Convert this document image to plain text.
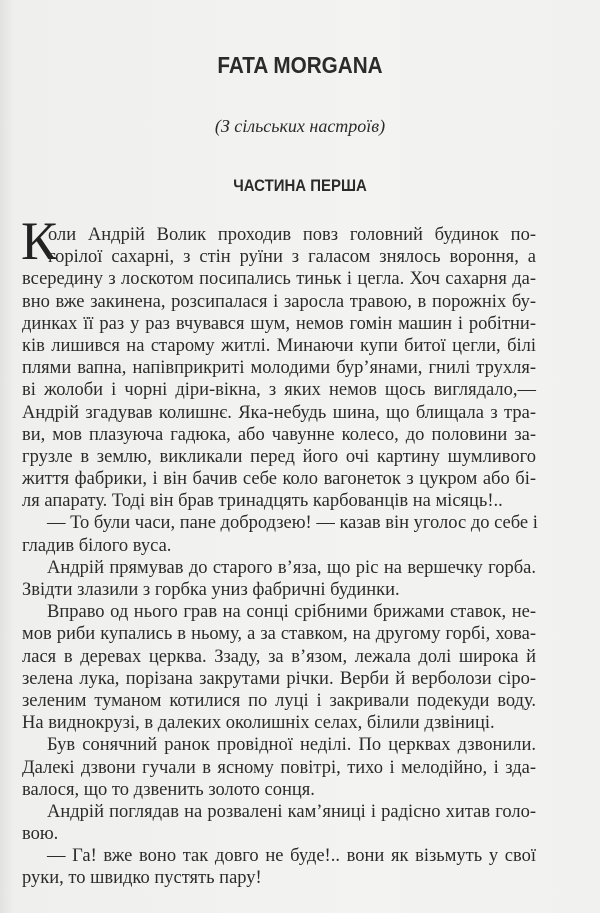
FATA MORGANA
(З сільських настроїв)
ЧАСТИНА ПЕРША
К
оли Андрій Волик проходив повз головний будинок по-
горілої сахарні, з стін руїни з галасом знялось вороння, а
всередину з лоскотом посипались тиньк і цегла. Хоч сахарня да-
вно вже закинена, розсипалася і заросла травою, в порожніх бу-
динках її раз у раз вчувався шум, немов гомін машин і робітни-
ків лишився на старому житлі. Минаючи купи битої цегли, білі
плями вапна, напівприкриті молодими бур’янами, гнилі трухля-
ві жолоби і чорні діри-вікна, з яких немов щось виглядало,—
Андрій згадував колишнє. Яка-небудь шина, що блищала з тра-
ви, мов плазуюча гадюка, або чавунне колесо, до половини за-
грузле в землю, викликали перед його очі картину шумливого
життя фабрики, і він бачив себе коло вагонеток з цукром або бі-
ля апарату. Тоді він брав тринадцять карбованців на місяць!..
— То були часи, пане добродзею! — казав він уголос до себе і
гладив білого вуса.
Андрій прямував до старого в’яза, що ріс на вершечку горба.
Звідти злазили з горбка униз фабричні будинки.
Вправо од нього грав на сонці срібними брижами ставок, не-
мов риби купались в ньому, а за ставком, на другому горбі, хова-
лася в деревах церква. Ззаду, за в’язом, лежала долі широка й
зелена лука, порізана закрутами річки. Верби й верболози сіро-
зеленим туманом котилися по луці і закривали подекуди воду.
На виднокрузі, в далеких околишніх селах, білили дзвіниці.
Був сонячний ранок провідної неділі. По церквах дзвонили.
Далекі дзвони гучали в ясному повітрі, тихо і мелодійно, і зда-
валося, що то дзвенить золото сонця.
Андрій поглядав на розвалені кам’яниці і радісно хитав голо-
вою.
— Га! вже воно так довго не буде!.. вони як візьмуть у свої
руки, то швидко пустять пару!
